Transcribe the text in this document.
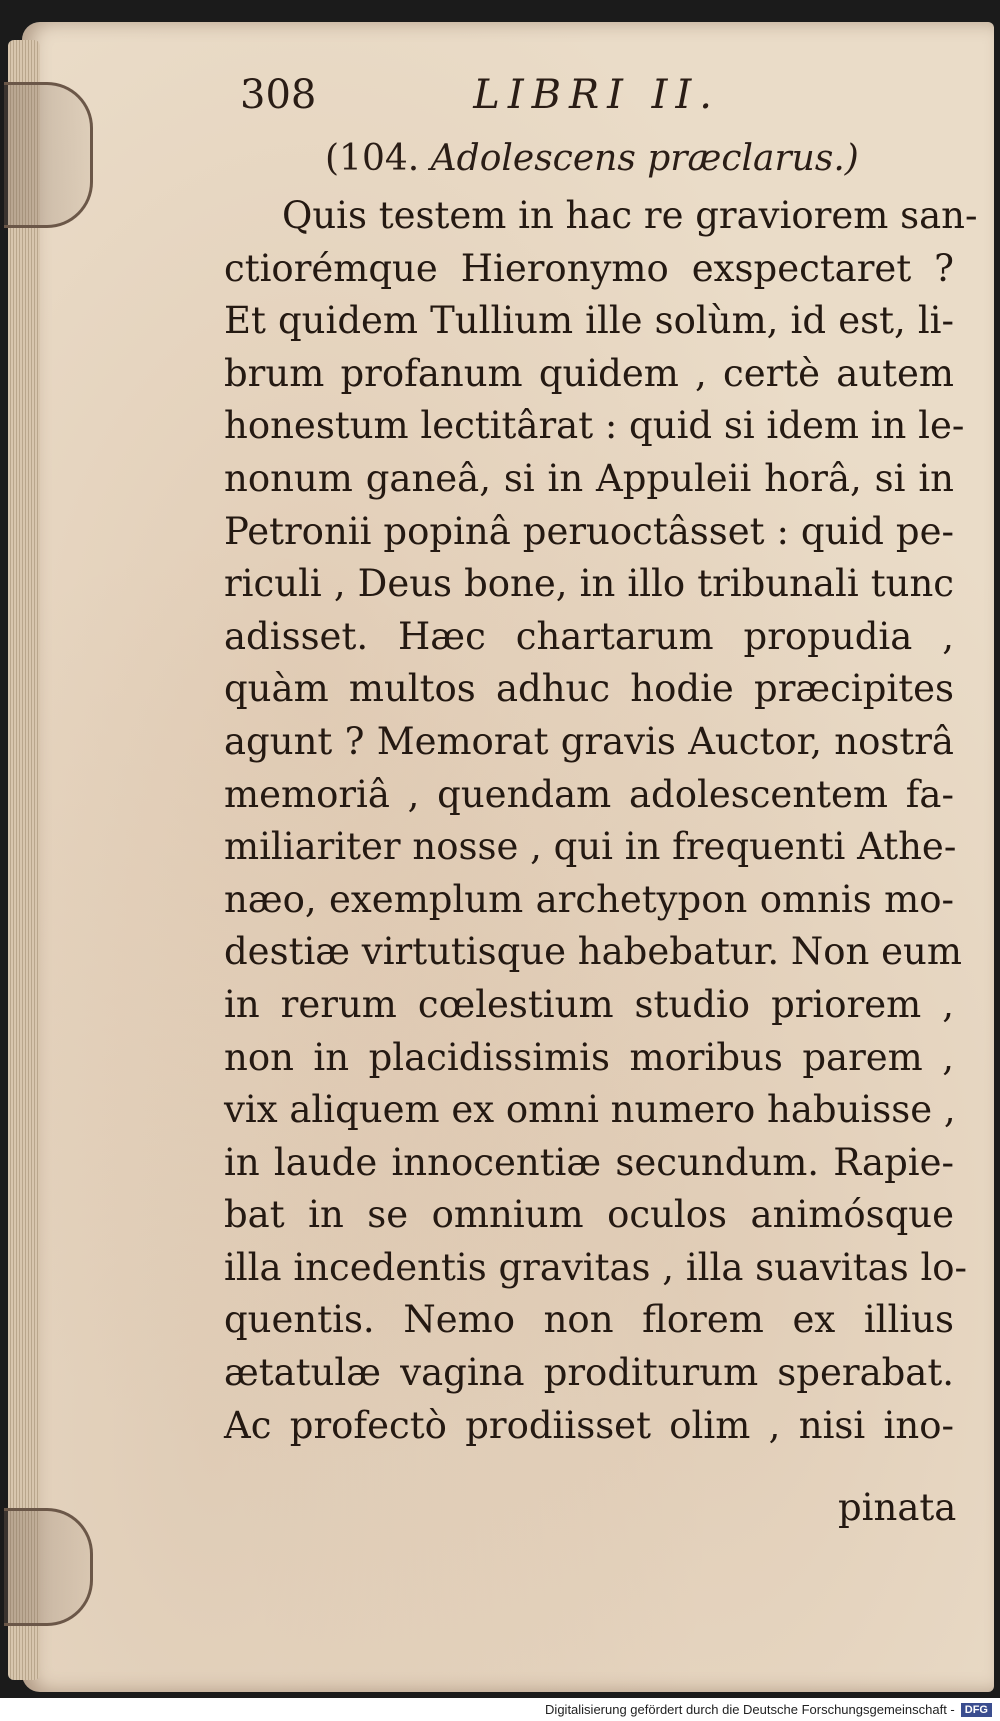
308	LIBRI II.
(104. Adolescens præclarus.)
Quis testem in hac re graviorem san-
ctiorémque Hieronymo exspectaret ?
Et quidem Tullium ille solùm, id est, li-
brum profanum quidem , certè autem
honestum lectitârat : quid si idem in le-
nonum ganeâ, si in Appuleii horâ, si in
Petronii popinâ peruoctâsset : quid pe-
riculi , Deus bone, in illo tribunali tunc
adisset. Hæc chartarum propudia ,
quàm multos adhuc hodie præcipites
agunt ? Memorat gravis Auctor, nostrâ
memoriâ , quendam adolescentem fa-
miliariter nosse , qui in frequenti Athe-
næo, exemplum archetypon omnis mo-
destiæ virtutisque habebatur. Non eum
in rerum cœlestium studio priorem ,
non in placidissimis moribus parem ,
vix aliquem ex omni numero habuisse ,
in laude innocentiæ secundum. Rapie-
bat in se omnium oculos animósque
illa incedentis gravitas , illa suavitas lo-
quentis. Nemo non florem ex illius
ætatulæ vagina proditurum sperabat.
Ac profectò prodiisset olim , nisi ino-
pinata
Digitalisierung gefördert durch die Deutsche Forschungsgemeinschaft - DFG
